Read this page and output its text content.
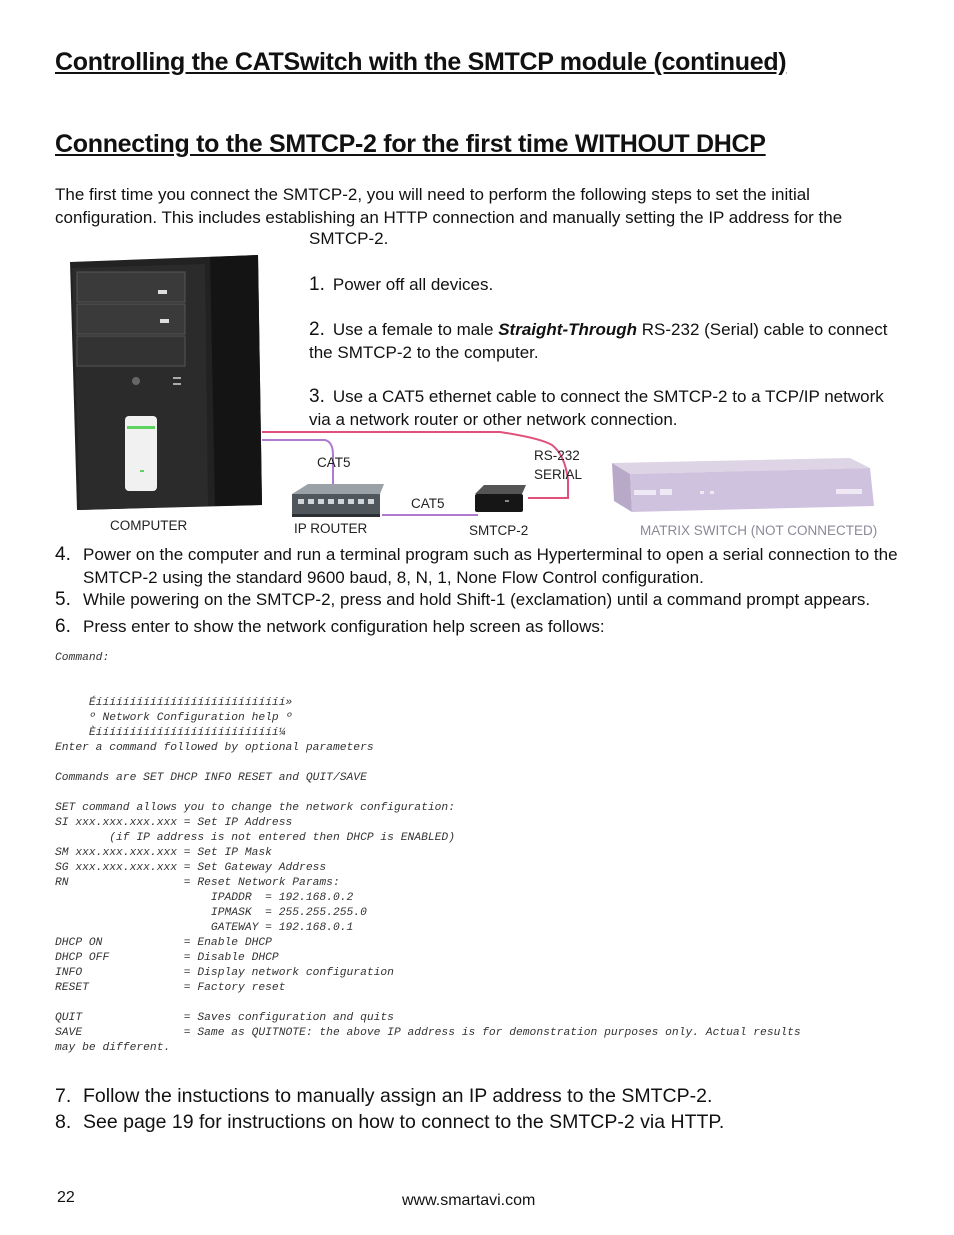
Controlling the CATSwitch with the SMTCP module (continued)
Connecting to the SMTCP-2 for the first time WITHOUT DHCP
The first time you connect the SMTCP-2, you will need to perform the following steps to set the initial configuration. This includes establishing an HTTP connection and manually setting the IP address for the
SMTCP-2.
1. Power off all devices.
2. Use a female to male Straight-Through RS-232 (Serial) cable to connect the SMTCP-2 to the computer.
3. Use a CAT5 ethernet cable to connect the SMTCP-2 to a TCP/IP network via a network router or other network connection.
CAT5	RS-232
SERIAL
CAT5
COMPUTER	IP ROUTER	SMTCP-2	MATRIX SWITCH (NOT CONNECTED)
4. Power on the computer and run a terminal program such as Hyperterminal to open a serial connection to the SMTCP-2 using the standard 9600 baud, 8, N, 1, None Flow Control configuration.
5. While powering on the SMTCP-2, press and hold Shift-1 (exclamation) until a command prompt appears.
6. Press enter to show the network configuration help screen as follows:
Command:

Éíííííííííííííííííííííííííííí»
º Network Configuration help º
Èííííííííííííííííííííííííííí¼
Enter a command followed by optional parameters

Commands are SET DHCP INFO RESET and QUIT/SAVE

SET command allows you to change the network configuration:
SI xxx.xxx.xxx.xxx = Set IP Address
(if IP address is not entered then DHCP is ENABLED)
SM xxx.xxx.xxx.xxx = Set IP Mask
SG xxx.xxx.xxx.xxx = Set Gateway Address
RN                 = Reset Network Params:
IPADDR  = 192.168.0.2
IPMASK  = 255.255.255.0
GATEWAY = 192.168.0.1
DHCP ON            = Enable DHCP
DHCP OFF           = Disable DHCP
INFO               = Display network configuration
RESET              = Factory reset

QUIT               = Saves configuration and quits
SAVE               = Same as QUITNOTE: the above IP address is for demonstration purposes only. Actual results
may be different.
7. Follow the instuctions to manually assign an IP address to the SMTCP-2.
8. See page 19 for instructions on how to connect to the SMTCP-2 via HTTP.
22	www.smartavi.com
